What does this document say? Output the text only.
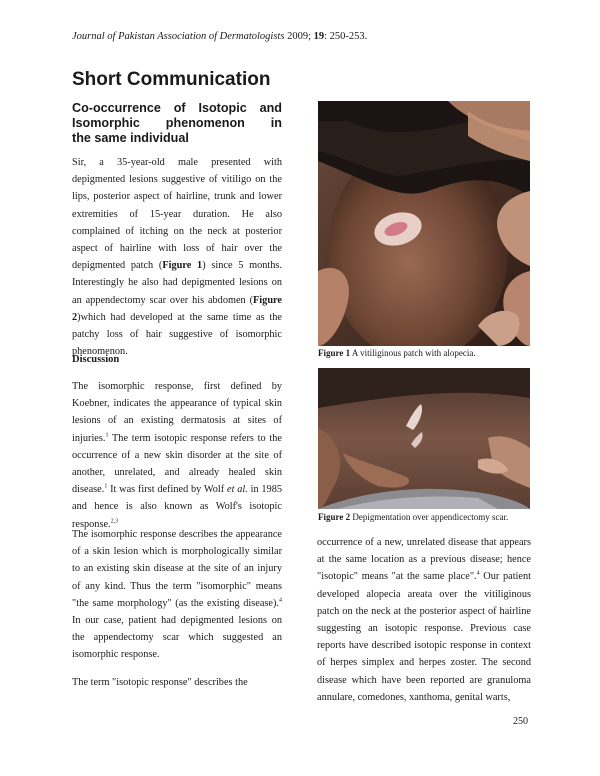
Journal of Pakistan Association of Dermatologists 2009; 19: 250-253.
Short Communication
Co-occurrence of Isotopic and
Isomorphic phenomenon in
the same individual
Sir, a 35-year-old male presented with depigmented lesions suggestive of vitiligo on the lips, posterior aspect of hairline, trunk and lower extremities of 15-year duration. He also complained of itching on the neck at posterior aspect of hairline with loss of hair over the depigmented patch (Figure 1) since 5 months. Interestingly he also had depigmented lesions on an appendectomy scar over his abdomen (Figure 2)which had developed at the same time as the patchy loss of hair suggestive of isomorphic phenomenon.
Discussion
The isomorphic response, first defined by Koebner, indicates the appearance of typical skin lesions of an existing dermatosis at sites of injuries.$^1$ The term isotopic response refers to the occurrence of a new skin disorder at the site of another, unrelated, and already healed skin disease.$^1$ It was first defined by Wolf et al. in 1985 and hence is also known as Wolf's isotopic response.$^{2,3}$
The isomorphic response describes the appearance of a skin lesion which is morphologically similar to an existing skin disease at the site of an injury of any kind. Thus the term "isomorphic" means "the same morphology" (as the existing disease).$^4$ In our case, patient had depigmented lesions on the appendectomy scar which suggested an isomorphic response.
The term "isotopic response" describes the
Figure 1 A vitiliginous patch with alopecia.
Figure 2 Depigmentation over appendicectomy scar.
occurrence of a new, unrelated disease that appears at the same location as a previous disease; hence "isotopic" means "at the same place".$^4$ Our patient developed alopecia areata over the vitiliginous patch on the neck at the posterior aspect of hairline suggesting an isotopic response. Previous case reports have described isotopic response in context of herpes simplex and herpes zoster. The second disease which have been reported are granuloma annulare, comedones, xanthoma, genital warts,
250
